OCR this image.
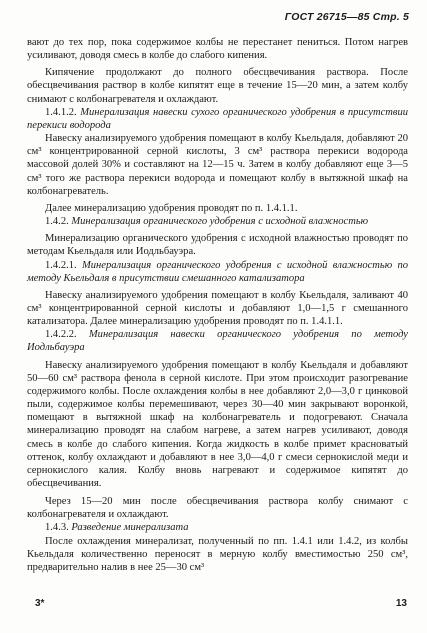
ГОСТ 26715—85 Стр. 5

вают до тех пор, пока содержимое колбы не перестанет пениться. Потом нагрев усиливают, доводя смесь в колбе до слабого кипения.

Кипячение продолжают до полного обесцвечивания раствора. После обесцвечивания раствор в колбе кипятят еще в течение 15—20 мин, а затем колбу снимают с колбонагревателя и охлаждают.

1.4.1.2. Минерализация навески сухого органического удобрения в присутствии перекиси водорода

Навеску анализируемого удобрения помещают в колбу Кьельдаля, добавляют 20 см³ концентрированной серной кислоты, 3 см³ раствора перекиси водорода массовой долей 30% и составляют на 12—15 ч. Затем в колбу добавляют еще 3—5 см³ того же раствора перекиси водорода и помещают колбу в вытяжной шкаф на колбонагреватель.

Далее минерализацию удобрения проводят по п. 1.4.1.1.

1.4.2. Минерализация органического удобрения с исходной влажностью

Минерализацию органического удобрения с исходной влажностью проводят по методам Кьельдаля или Иодльбауэра.

1.4.2.1. Минерализация органического удобрения с исходной влажностью по методу Кьельдаля в присутствии смешанного катализатора

Навеску анализируемого удобрения помещают в колбу Кьельдаля, заливают 40 см³ концентрированной серной кислоты и добавляют 1,0—1,5 г смешанного катализатора. Далее минерализацию удобрения проводят по п. 1.4.1.1.

1.4.2.2. Минерализация навески органического удобрения по методу Иодльбауэра

Навеску анализируемого удобрения помещают в колбу Кьельдаля и добавляют 50—60 см³ раствора фенола в серной кислоте. При этом происходит разогревание содержимого колбы. После охлаждения колбы в нее добавляют 2,0—3,0 г цинковой пыли, содержимое колбы перемешивают, через 30—40 мин закрывают воронкой, помещают в вытяжной шкаф на колбонагреватель и подогревают. Сначала минерализацию проводят на слабом нагреве, а затем нагрев усиливают, доводя смесь в колбе до слабого кипения. Когда жидкость в колбе примет красноватый оттенок, колбу охлаждают и добавляют в нее 3,0—4,0 г смеси сернокислой меди и сернокислого калия. Колбу вновь нагревают и содержимое кипятят до обесцвечивания.

Через 15—20 мин после обесцвечивания раствора колбу снимают с колбонагревателя и охлаждают.

1.4.3. Разведение минерализата

После охлаждения минерализат, полученный по пп. 1.4.1 или 1.4.2, из колбы Кьельдаля количественно переносят в мерную колбу вместимостью 250 см³, предварительно налив в нее 25—30 см³

3*	13
